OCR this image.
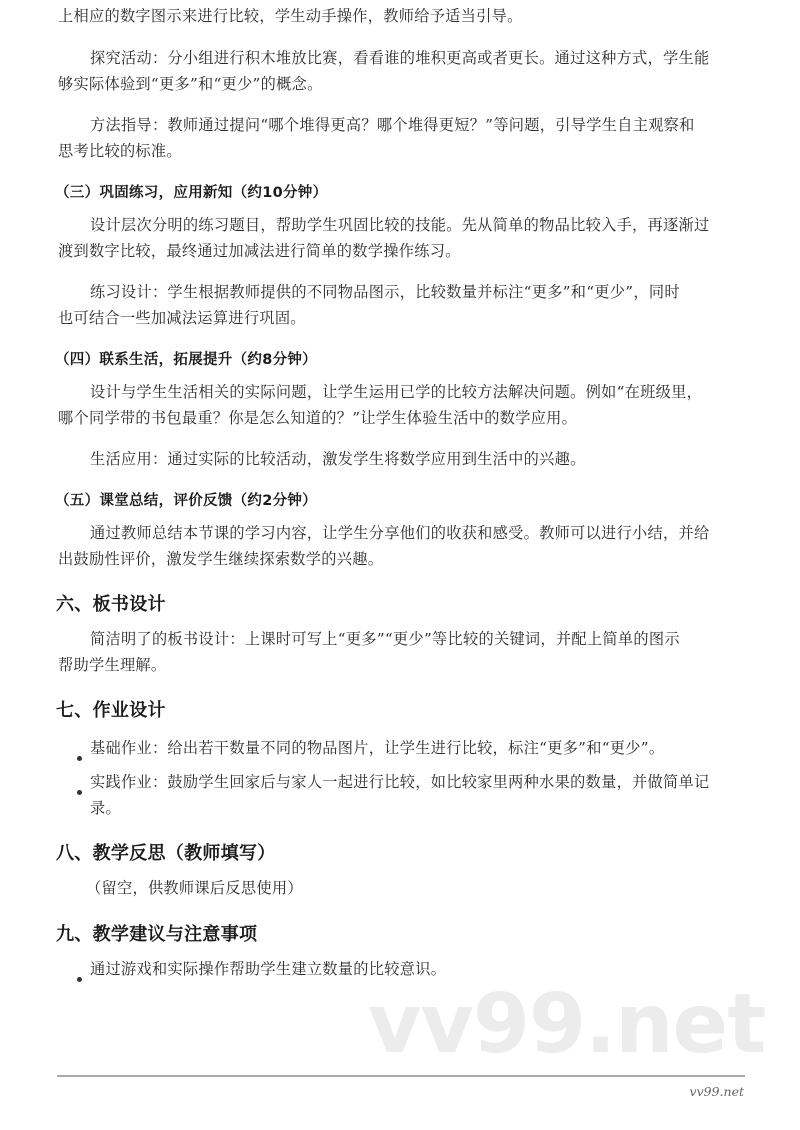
vv99.net
上相应的数字图示来进行比较，学生动手操作，教师给予适当引导。
探究活动：分小组进行积木堆放比赛，看看谁的堆积更高或者更长。通过这种方式，学生能
够实际体验到“更多”和“更少”的概念。
方法指导：教师通过提问“哪个堆得更高？哪个堆得更短？”等问题，引导学生自主观察和
思考比较的标准。
（三）巩固练习，应用新知（约10分钟）
设计层次分明的练习题目，帮助学生巩固比较的技能。先从简单的物品比较入手，再逐渐过
渡到数字比较，最终通过加减法进行简单的数学操作练习。
练习设计：学生根据教师提供的不同物品图示，比较数量并标注“更多”和“更少”，同时
也可结合一些加减法运算进行巩固。
（四）联系生活，拓展提升（约8分钟）
设计与学生生活相关的实际问题，让学生运用已学的比较方法解决问题。例如“在班级里，
哪个同学带的书包最重？你是怎么知道的？”让学生体验生活中的数学应用。
生活应用：通过实际的比较活动，激发学生将数学应用到生活中的兴趣。
（五）课堂总结，评价反馈（约2分钟）
通过教师总结本节课的学习内容，让学生分享他们的收获和感受。教师可以进行小结，并给
出鼓励性评价，激发学生继续探索数学的兴趣。
六、板书设计
简洁明了的板书设计：上课时可写上“更多”“更少”等比较的关键词，并配上简单的图示
帮助学生理解。
七、作业设计
基础作业：给出若干数量不同的物品图片，让学生进行比较，标注“更多”和“更少”。
实践作业：鼓励学生回家后与家人一起进行比较，如比较家里两种水果的数量，并做简单记
录。
八、教学反思（教师填写）
（留空，供教师课后反思使用）
九、教学建议与注意事项
通过游戏和实际操作帮助学生建立数量的比较意识。
vv99.net
